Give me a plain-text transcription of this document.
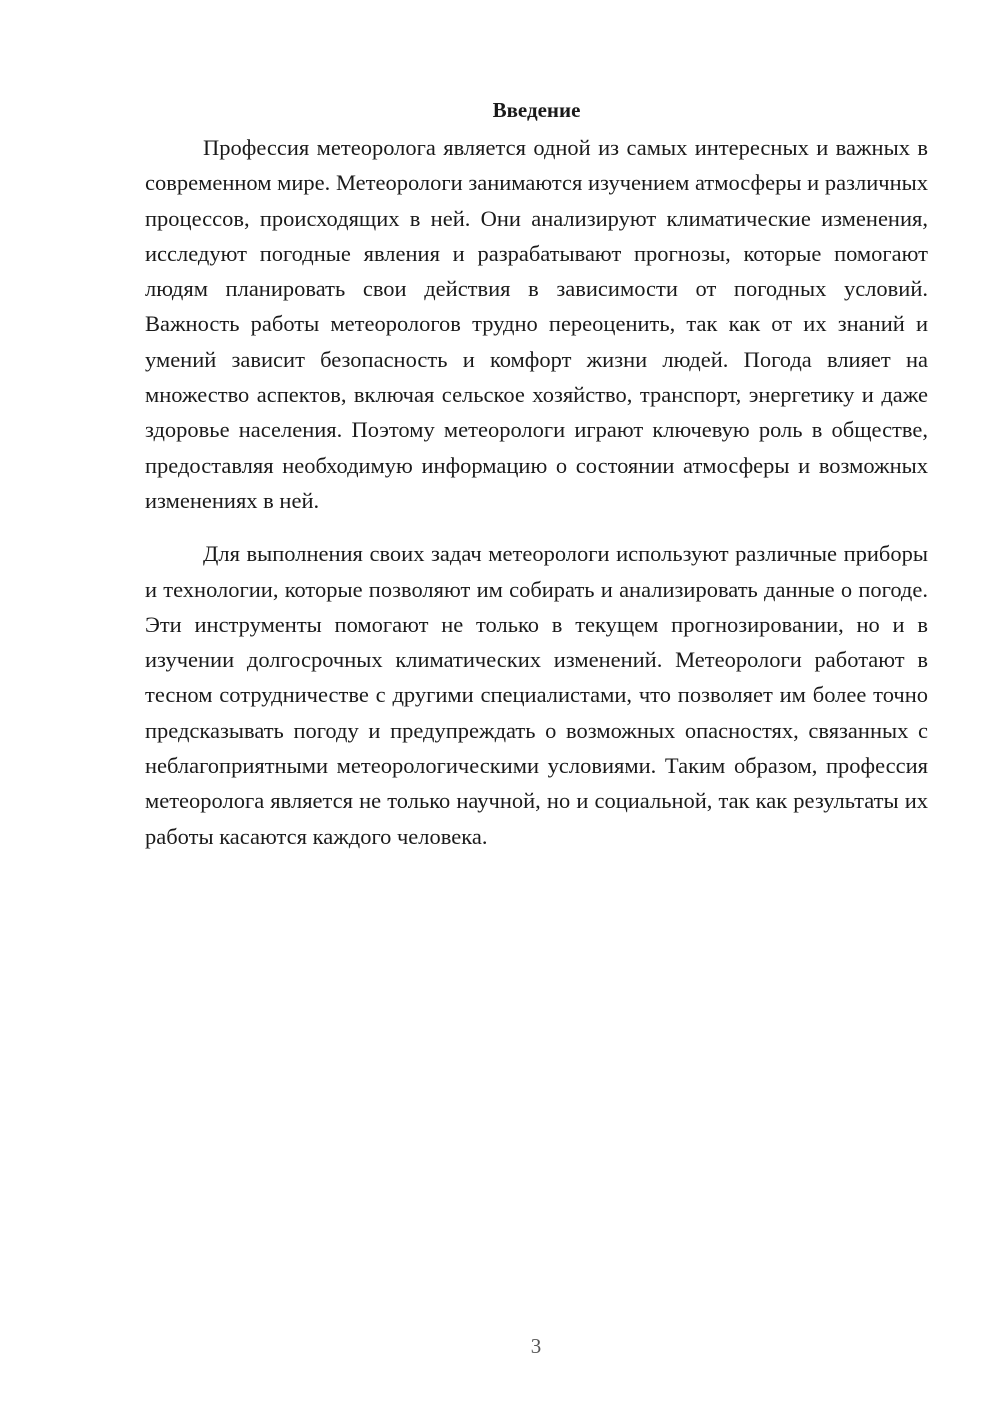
Введение

Профессия метеоролога является одной из самых интересных и важных в современном мире. Метеорологи занимаются изучением атмосферы и различных процессов, происходящих в ней. Они анализируют климатические изменения, исследуют погодные явления и разрабатывают прогнозы, которые помогают людям планировать свои действия в зависимости от погодных условий. Важность работы метеорологов трудно переоценить, так как от их знаний и умений зависит безопасность и комфорт жизни людей. Погода влияет на множество аспектов, включая сельское хозяйство, транспорт, энергетику и даже здоровье населения. Поэтому метеорологи играют ключевую роль в обществе, предоставляя необходимую информацию о состоянии атмосферы и возможных изменениях в ней.

Для выполнения своих задач метеорологи используют различные приборы и технологии, которые позволяют им собирать и анализировать данные о погоде. Эти инструменты помогают не только в текущем прогнозировании, но и в изучении долгосрочных климатических изменений. Метеорологи работают в тесном сотрудничестве с другими специалистами, что позволяет им более точно предсказывать погоду и предупреждать о возможных опасностях, связанных с неблагоприятными метеорологическими условиями. Таким образом, профессия метеоролога является не только научной, но и социальной, так как результаты их работы касаются каждого человека.

3
